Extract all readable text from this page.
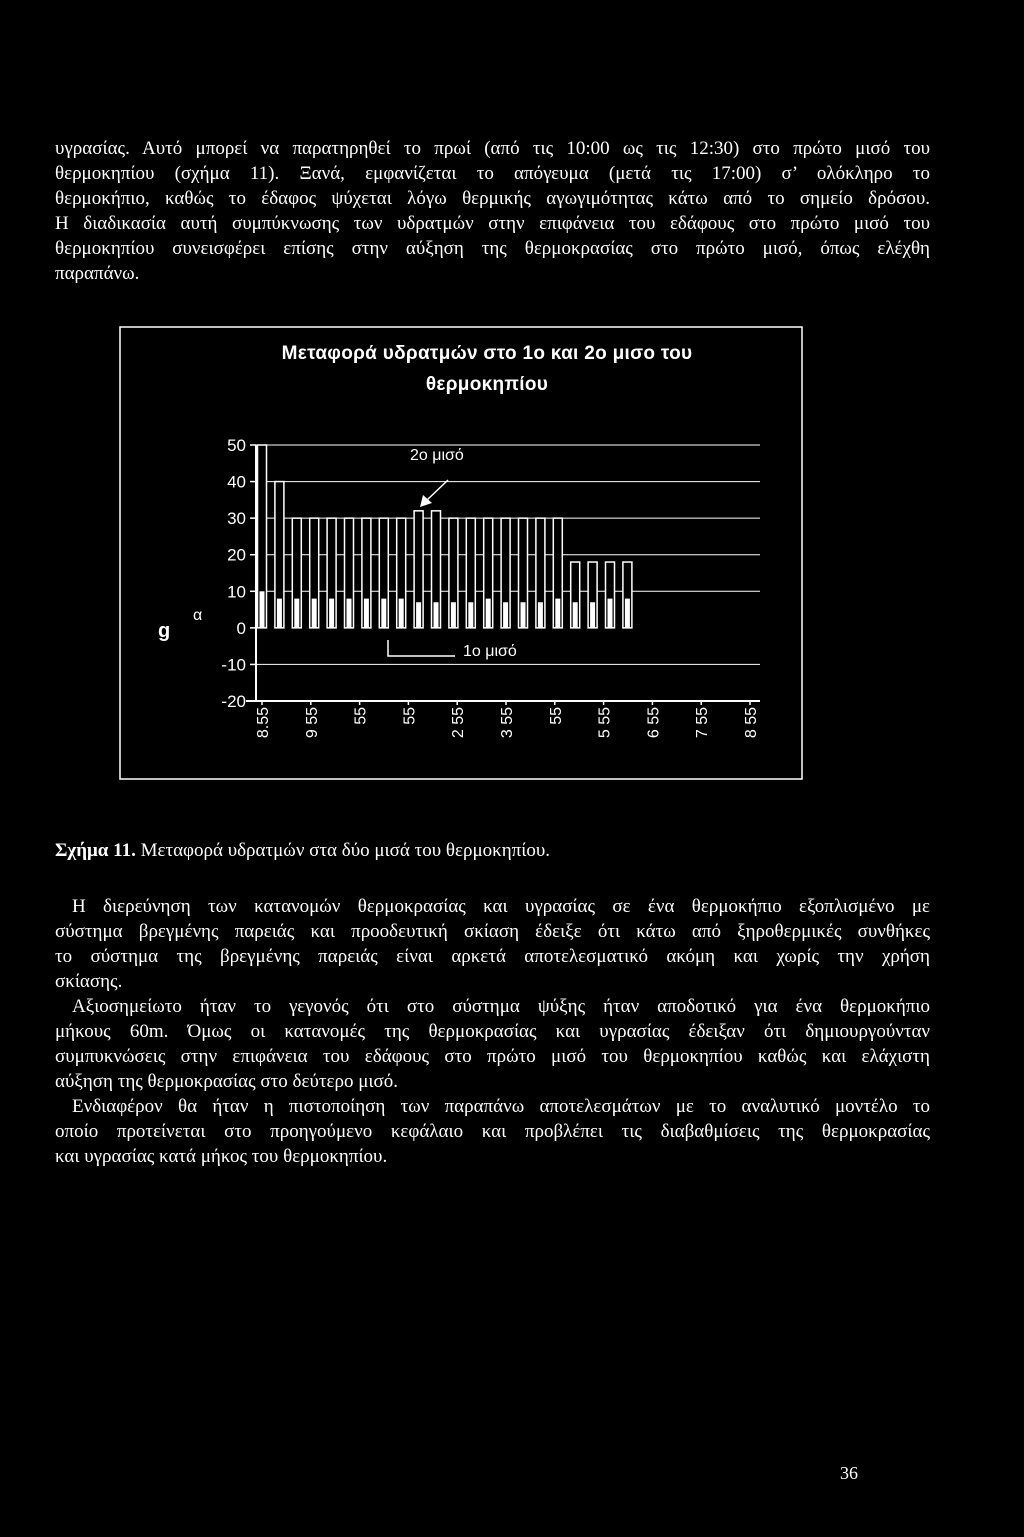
υγρασίας. Αυτό μπορεί να παρατηρηθεί το πρωί (από τις 10:00 ως τις 12:30) στο πρώτο μισό του
θερμοκηπίου (σχήμα 11). Ξανά, εμφανίζεται το απόγευμα (μετά τις 17:00) σ’ ολόκληρο το
θερμοκήπιο, καθώς το έδαφος ψύχεται λόγω θερμικής αγωγιμότητας κάτω από το σημείο δρόσου.
Η διαδικασία αυτή συμπύκνωσης των υδρατμών στην επιφάνεια του εδάφους στο πρώτο μισό του
θερμοκηπίου συνεισφέρει επίσης στην αύξηση της θερμοκρασίας στο πρώτο μισό, όπως ελέχθη
παραπάνω.

Μεταφορά υδρατμών στο 1ο και 2ο μισο του
θερμοκηπίου
50
40
30
20
10
0
-10
-20
8.55 9 55 55 55 2 55 3 55 55 5 55 6 55 7 55 8 55
g
α
2ο μισό
1ο μισό
Σχήμα 11. Μεταφορά υδρατμών στα δύο μισά του θερμοκηπίου.

Η διερεύνηση των κατανομών θερμοκρασίας και υγρασίας σε ένα θερμοκήπιο εξοπλισμένο με
σύστημα βρεγμένης παρειάς και προοδευτική σκίαση έδειξε ότι κάτω από ξηροθερμικές συνθήκες
το σύστημα της βρεγμένης παρειάς είναι αρκετά αποτελεσματικό ακόμη και χωρίς την χρήση
σκίασης.

Αξιοσημείωτο ήταν το γεγονός ότι στο σύστημα ψύξης ήταν αποδοτικό για ένα θερμοκήπιο
μήκους 60m. Όμως οι κατανομές της θερμοκρασίας και υγρασίας έδειξαν ότι δημιουργούνταν
συμπυκνώσεις στην επιφάνεια του εδάφους στο πρώτο μισό του θερμοκηπίου καθώς και ελάχιστη
αύξηση της θερμοκρασίας στο δεύτερο μισό.

Ενδιαφέρον θα ήταν η πιστοποίηση των παραπάνω αποτελεσμάτων με το αναλυτικό μοντέλο το
οποίο προτείνεται στο προηγούμενο κεφάλαιο και προβλέπει τις διαβαθμίσεις της θερμοκρασίας
και υγρασίας κατά μήκος του θερμοκηπίου.

36
